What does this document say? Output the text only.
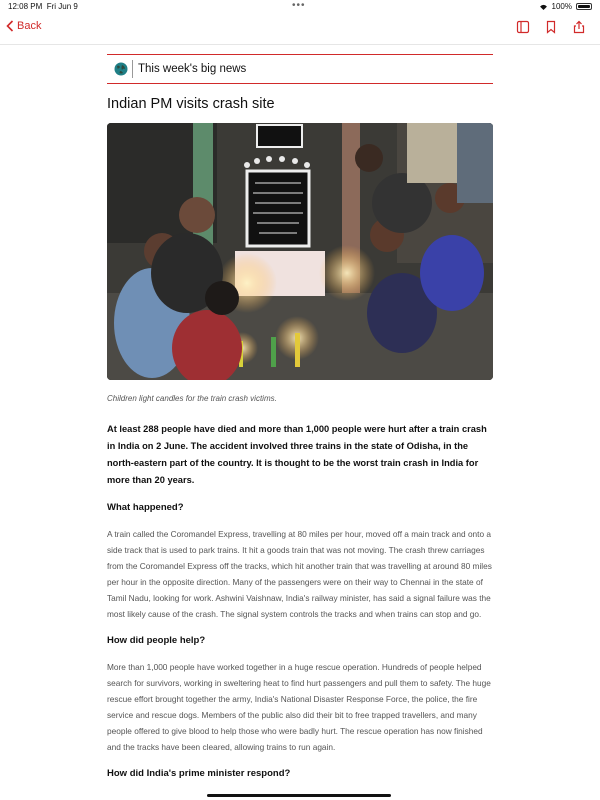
12:08 PM Fri Jun 9	•••	100%
Back
This week's big news
Indian PM visits crash site
Children light candles for the train crash victims.
At least 288 people have died and more than 1,000 people were hurt after a train crash in India on 2 June. The accident involved three trains in the state of Odisha, in the north-eastern part of the country. It is thought to be the worst train crash in India for more than 20 years.
What happened?

A train called the Coromandel Express, travelling at 80 miles per hour, moved off a main track and onto a side track that is used to park trains. It hit a goods train that was not moving. The crash threw carriages from the Coromandel Express off the tracks, which hit another train that was travelling at around 80 miles per hour in the opposite direction. Many of the passengers were on their way to Chennai in the state of Tamil Nadu, looking for work. Ashwini Vaishnaw, India's railway minister, has said a signal failure was the most likely cause of the crash. The signal system controls the tracks and when trains can stop and go.

How did people help?

More than 1,000 people have worked together in a huge rescue operation. Hundreds of people helped search for survivors, working in sweltering heat to find hurt passengers and pull them to safety. The huge rescue effort brought together the army, India's National Disaster Response Force, the police, the fire service and rescue dogs. Members of the public also did their bit to free trapped travellers, and many people offered to give blood to help those who were badly hurt. The rescue operation has now finished and the tracks have been cleared, allowing trains to run again.

How did India's prime minister respond?
